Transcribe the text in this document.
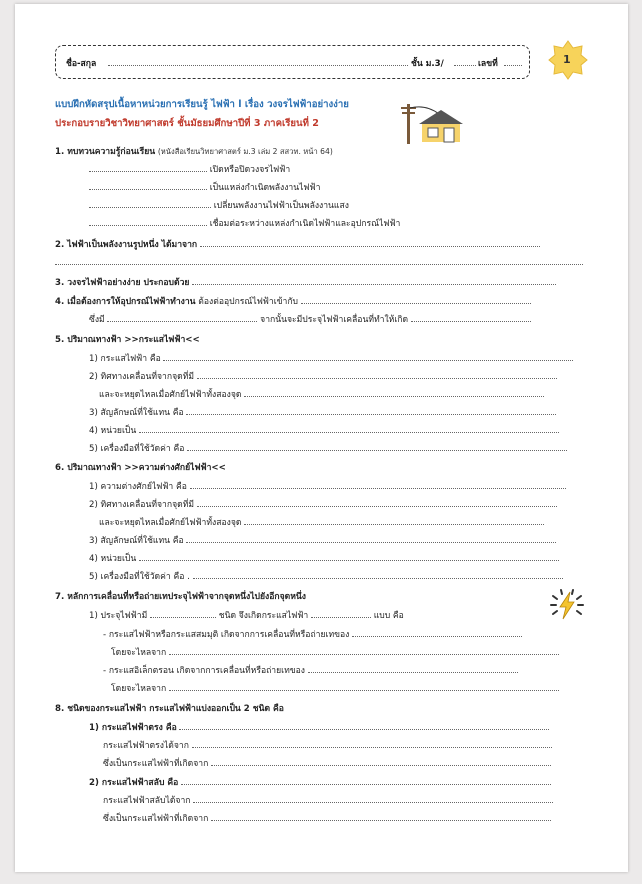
ชื่อ-สกุล	ชั้น ม.3/	เลขที่	1
แบบฝึกหัดสรุปเนื้อหาหน่วยการเรียนรู้ ไฟฟ้า l เรื่อง วงจรไฟฟ้าอย่างง่าย
ประกอบรายวิชาวิทยาศาสตร์ ชั้นมัธยมศึกษาปีที่ 3 ภาคเรียนที่ 2
1. ทบทวนความรู้ก่อนเรียน (หนังสือเรียนวิทยาศาสตร์ ม.3 เล่ม 2 สสวท. หน้า 64)
เปิดหรือปิดวงจรไฟฟ้า
เป็นแหล่งกำเนิดพลังงานไฟฟ้า
เปลี่ยนพลังงานไฟฟ้าเป็นพลังงานแสง
เชื่อมต่อระหว่างแหล่งกำเนิดไฟฟ้าและอุปกรณ์ไฟฟ้า
2. ไฟฟ้าเป็นพลังงานรูปหนึ่ง ได้มาจาก
3. วงจรไฟฟ้าอย่างง่าย ประกอบด้วย
4. เมื่อต้องการให้อุปกรณ์ไฟฟ้าทำงาน ต้องต่ออุปกรณ์ไฟฟ้าเข้ากับ
ซึ่งมี	จากนั้นจะมีประจุไฟฟ้าเคลื่อนที่ทำให้เกิด
5. ปริมาณทางฟ้า >>กระแสไฟฟ้า<<
1) กระแสไฟฟ้า คือ
2) ทิศทางเคลื่อนที่จากจุดที่มี
และจะหยุดไหลเมื่อศักย์ไฟฟ้าทั้งสองจุด
3) สัญลักษณ์ที่ใช้แทน คือ
4) หน่วยเป็น
5) เครื่องมือที่ใช้วัดค่า คือ
6. ปริมาณทางฟ้า >>ความต่างศักย์ไฟฟ้า<<
1) ความต่างศักย์ไฟฟ้า คือ
2) ทิศทางเคลื่อนที่จากจุดที่มี
และจะหยุดไหลเมื่อศักย์ไฟฟ้าทั้งสองจุด
3) สัญลักษณ์ที่ใช้แทน คือ
4) หน่วยเป็น
5) เครื่องมือที่ใช้วัดค่า คือ .
7. หลักการเคลื่อนที่หรือถ่ายเทประจุไฟฟ้าจากจุดหนึ่งไปยังอีกจุดหนึ่ง
1) ประจุไฟฟ้ามี	ชนิด จึงเกิดกระแสไฟฟ้า	แบบ คือ
- กระแสไฟฟ้าหรือกระแสสมมุติ เกิดจากการเคลื่อนที่หรือถ่ายเทของ
โดยจะไหลจาก
- กระแสอิเล็กตรอน เกิดจากการเคลื่อนที่หรือถ่ายเทของ
โดยจะไหลจาก
8. ชนิดของกระแสไฟฟ้า กระแสไฟฟ้าแบ่งออกเป็น 2 ชนิด คือ
1) กระแสไฟฟ้าตรง คือ
กระแสไฟฟ้าตรงได้จาก
ซึ่งเป็นกระแสไฟฟ้าที่เกิดจาก
2) กระแสไฟฟ้าสลับ คือ
กระแสไฟฟ้าสลับได้จาก
ซึ่งเป็นกระแสไฟฟ้าที่เกิดจาก
